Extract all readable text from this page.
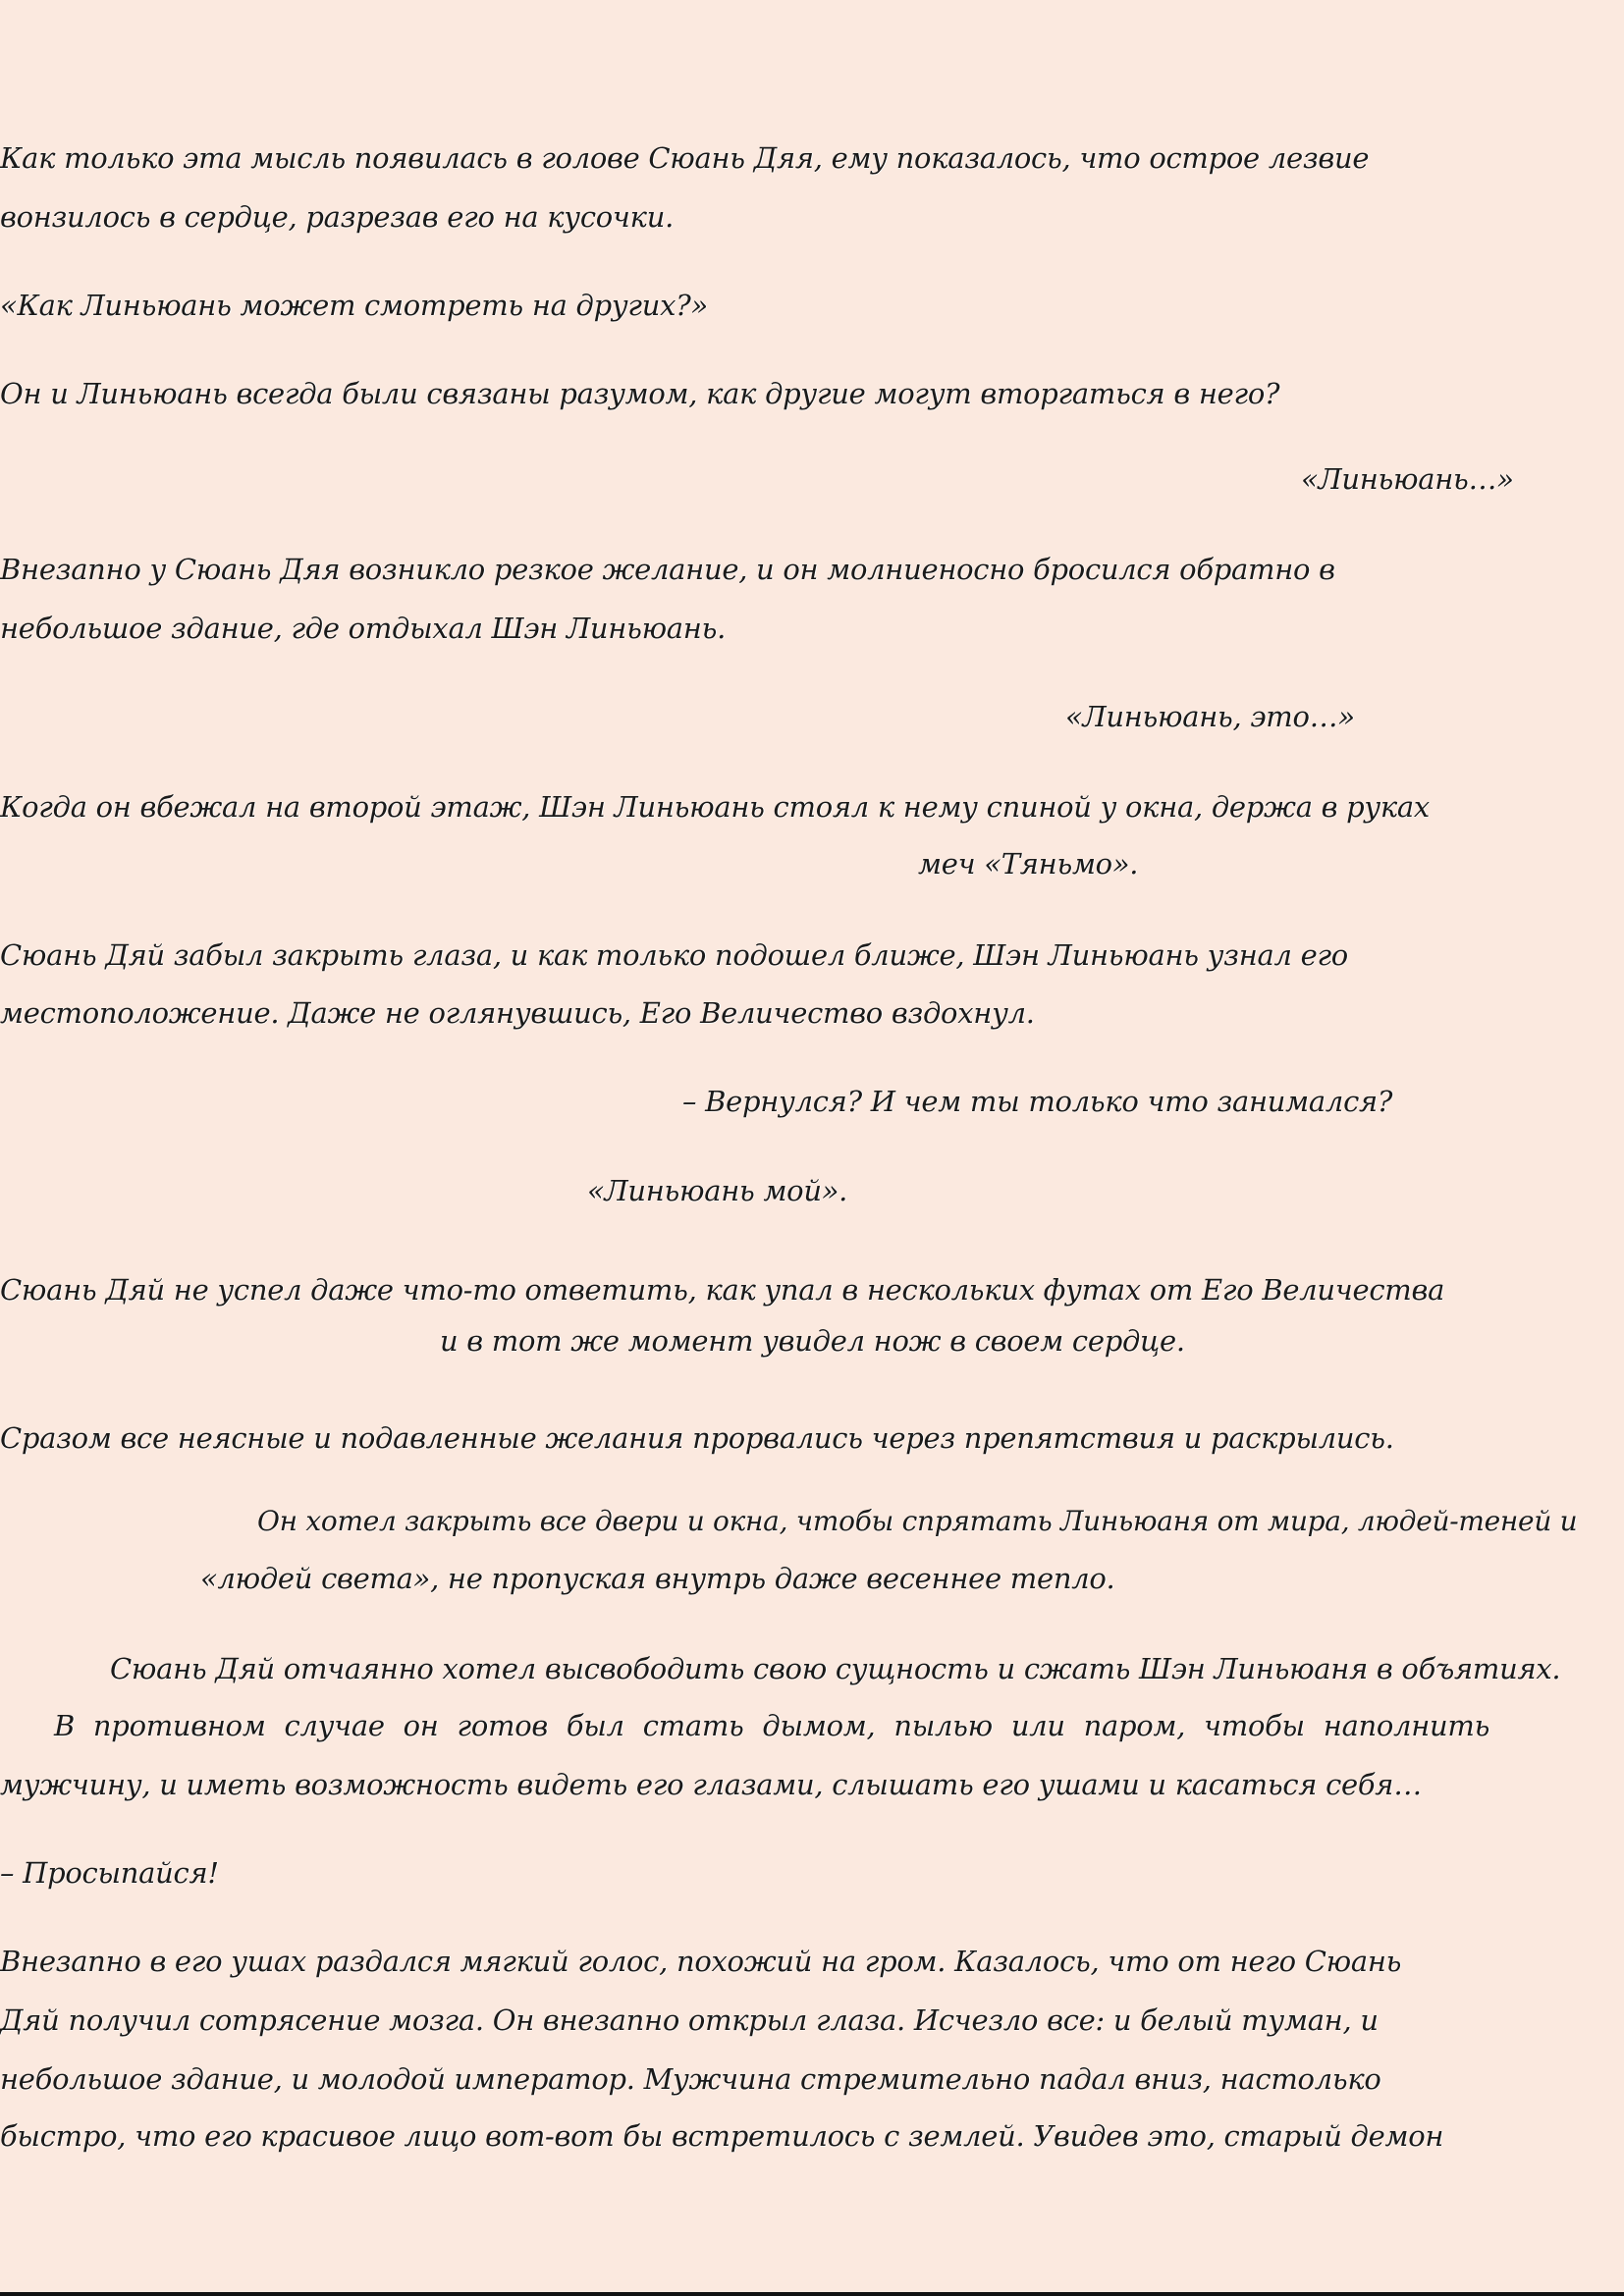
Как только эта мысль появилась в голове Сюань Дяя, ему показалось, что острое лезвие
вонзилось в сердце, разрезав его на кусочки.
«Как Линьюань может смотреть на других?»
Он и Линьюань всегда были связаны разумом, как другие могут вторгаться в него?
«Линьюань…»
Внезапно у Сюань Дяя возникло резкое желание, и он молниеносно бросился обратно в
небольшое здание, где отдыхал Шэн Линьюань.
«Линьюань, это…»
Когда он вбежал на второй этаж, Шэн Линьюань стоял к нему спиной у окна, держа в руках
меч «Тяньмо».
Сюань Дяй забыл закрыть глаза, и как только подошел ближе, Шэн Линьюань узнал его
местоположение. Даже не оглянувшись, Его Величество вздохнул.
– Вернулся? И чем ты только что занимался?
«Линьюань мой».
Сюань Дяй не успел даже что-то ответить, как упал в нескольких футах от Его Величества
и в тот же момент увидел нож в своем сердце.
Сразом все неясные и подавленные желания прорвались через препятствия и раскрылись.
Он хотел закрыть все двери и окна, чтобы спрятать Линьюаня от мира, людей-теней и
«людей света», не пропуская внутрь даже весеннее тепло.
Сюань Дяй отчаянно хотел высвободить свою сущность и сжать Шэн Линьюаня в объятиях.
В противном случае он готов был стать дымом, пылью или паром, чтобы наполнить
мужчину, и иметь возможность видеть его глазами, слышать его ушами и касаться себя…
– Просыпайся!
Внезапно в его ушах раздался мягкий голос, похожий на гром. Казалось, что от него Сюань
Дяй получил сотрясение мозга. Он внезапно открыл глаза. Исчезло все: и белый туман, и
небольшое здание, и молодой император. Мужчина стремительно падал вниз, настолько
быстро, что его красивое лицо вот-вот бы встретилось с землей. Увидев это, старый демон
